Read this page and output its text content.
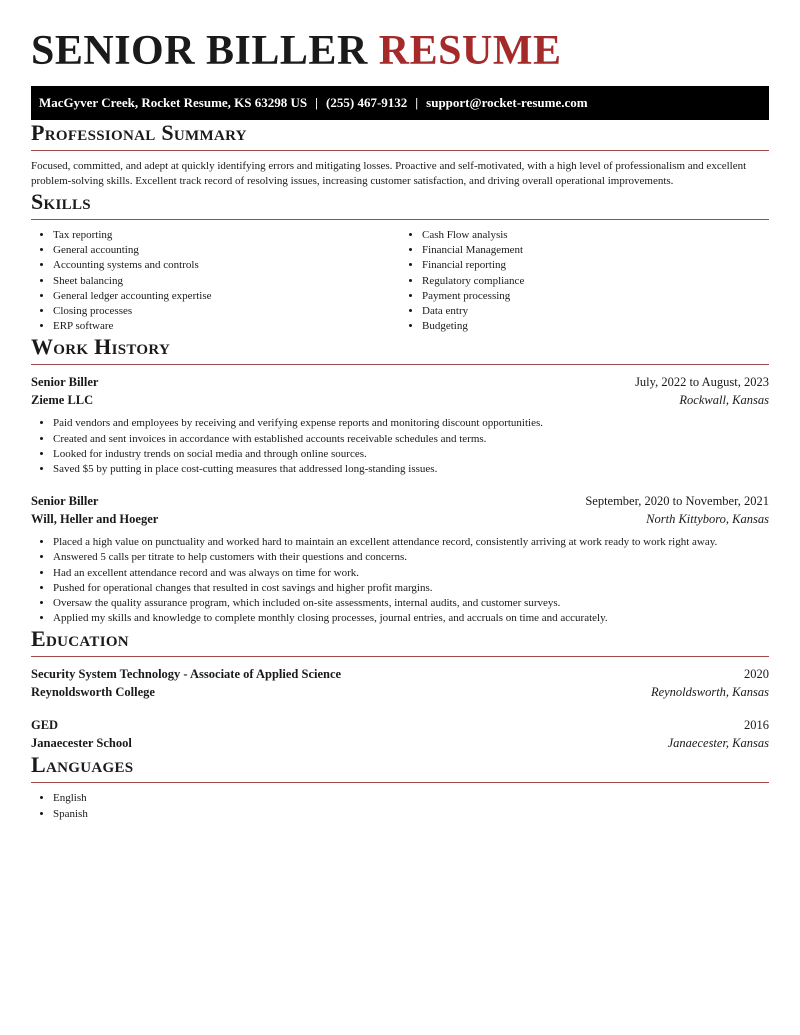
SENIOR BILLER RESUME
MacGyver Creek, Rocket Resume, KS 63298 US | (255) 467-9132 | support@rocket-resume.com
Professional Summary

Focused, committed, and adept at quickly identifying errors and mitigating losses. Proactive and self-motivated, with a high level of professionalism and excellent problem-solving skills. Excellent track record of resolving issues, increasing customer satisfaction, and driving overall operational improvements.

Skills
• Tax reporting
• General accounting
• Accounting systems and controls
• Sheet balancing
• General ledger accounting expertise
• Closing processes
• ERP software
• Cash Flow analysis
• Financial Management
• Financial reporting
• Regulatory compliance
• Payment processing
• Data entry
• Budgeting
Work History
Senior Biller	July, 2022 to August, 2023
Zieme LLC	Rockwall, Kansas
• Paid vendors and employees by receiving and verifying expense reports and monitoring discount opportunities.
• Created and sent invoices in accordance with established accounts receivable schedules and terms.
• Looked for industry trends on social media and through online sources.
• Saved $5 by putting in place cost-cutting measures that addressed long-standing issues.
Senior Biller	September, 2020 to November, 2021
Will, Heller and Hoeger	North Kittyboro, Kansas
• Placed a high value on punctuality and worked hard to maintain an excellent attendance record, consistently arriving at work ready to work right away.
• Answered 5 calls per titrate to help customers with their questions and concerns.
• Had an excellent attendance record and was always on time for work.
• Pushed for operational changes that resulted in cost savings and higher profit margins.
• Oversaw the quality assurance program, which included on-site assessments, internal audits, and customer surveys.
• Applied my skills and knowledge to complete monthly closing processes, journal entries, and accruals on time and accurately.
Education
Security System Technology - Associate of Applied Science	2020
Reynoldsworth College	Reynoldsworth, Kansas
GED	2016
Janaecester School	Janaecester, Kansas
Languages
• English
• Spanish
